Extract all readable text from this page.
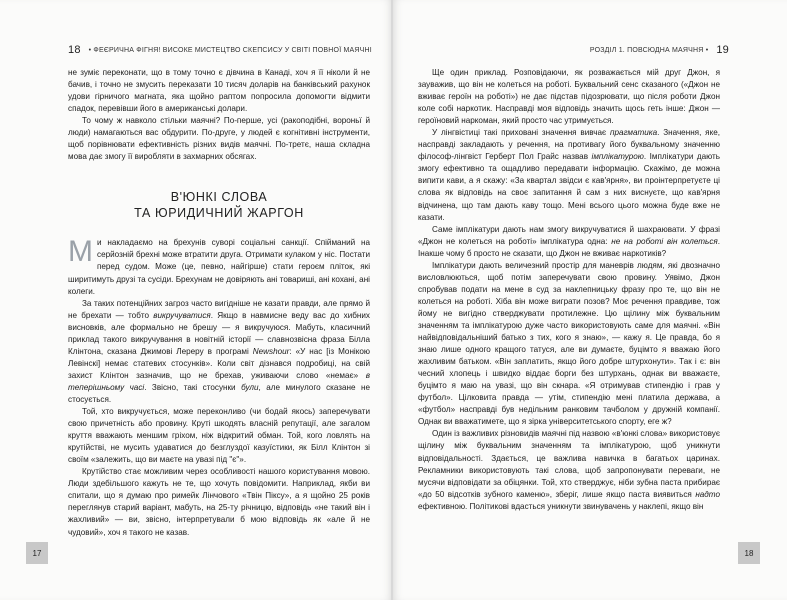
18 • ФЕЄРИЧНА ФІГНЯ! ВИСОКЕ МИСТЕЦТВО СКЕПСИСУ У СВІТІ ПОВНОЇ МАЯЧНІ

не зуміє переконати, що в тому точно є дівчина в Канаді, хоч я її ніколи й не бачив, і точно не змусить переказати 10 тисяч доларів на банківський рахунок удови гірничого магната, яка щойно раптом попросила допомогти відмити спадок, перевівши його в американські долари.

То чому ж навколо стільки маячні? По-перше, усі (ракоподібні, вороньї й люди) намагаються вас обдурити. По-друге, у людей є когнітивні інструменти, щоб порівнювати ефективність різних видів маячні. По-третє, наша складна мова дає змогу її виробляти в захмарних обсягах.

В'ЮНКІ СЛОВА
ТА ЮРИДИЧНИЙ ЖАРГОН

Ми накладаємо на брехунів суворі соціальні санкції. Спійманий на серйозній брехні може втратити друга. Отримати кулаком у ніс. Постати перед судом. Може (це, певно, найгірше) стати героєм пліток, які ширитимуть друзі та сусіди. Брехунам не довіряють ані товариші, ані кохані, ані колеги.

За таких потенційних загроз часто вигідніше не казати правди, але прямо й не брехати — тобто викручуватися. Якщо в навмисне веду вас до хибних висновків, але формально не брешу — я викручуюся. Мабуть, класичний приклад такого викручування в новітній історії — славнозвісна фраза Білла Клінтона, сказана Джимові Лереру в програмі Newshour: «У нас [із Монікою Левінскі] немає статевих стосунків». Коли світ дізнався подробиці, на свій захист Клінтон зазначив, що не брехав, уживаючи слово «немає» в теперішньому часі. Звісно, такі стосунки були, але минулого сказане не стосується.

Той, хто викручується, може переконливо (чи бодай якось) заперечувати свою причетність або провину. Круті шкодять власній репутації, але загалом круття вважають меншим гріхом, ніж відкритий обман. Той, кого ловлять на крутійстві, не мусить удаватися до безглуздої казуїстики, як Білл Клінтон зі своїм «залежить, що ви маєте на увазі під "є"».

Крутійство стає можливим через особливості нашого користування мовою. Люди здебільшого кажуть не те, що хочуть повідомити. Наприклад, якби ви спитали, що я думаю про римейк Лінчового «Твін Піксу», а я щойно 25 років переглянув старий варіант, мабуть, на 25-ту річницю, відповідь «не такий він і жахливий» — ви, звісно, інтерпретували б мою відповідь як «але й не чудовий», хоч я такого не казав.

17
РОЗДІЛ 1. ПОВСЮДНА МАЯЧНЯ • 19

Ще один приклад. Розповідаючи, як розважається мій друг Джон, я зауважив, що він не колеться на роботі. Буквальний сенс сказаного («Джон не вживає героїн на роботі») не дає підстав підозрювати, що після роботи Джон коле собі наркотик. Насправді моя відповідь значить щось геть інше: Джон — героїновий наркоман, який просто час утримується.

У лінгвістиці такі приховані значення вивчає прагматика. Значення, яке, насправді закладають у речення, на противагу його буквальному значенню філософ-лінгвіст Герберт Пол Грайс назвав імплікатурою. Імплікатури дають змогу ефективно та ощадливо передавати інформацію. Скажімо, де можна випити кави, а я скажу: «За квартал звідси є кав'ярня», ви проінтерпретуєте ці слова як відповідь на своє запитання й сам з них виснуєте, що кав'ярня відчинена, що там дають каву тощо. Мені всього цього можна буде вже не казати.

Саме імплікатури дають нам змогу викручуватися й шахраювати. У фразі «Джон не колеться на роботі» імплікатура одна: не на роботі він колеться. Інакше чому б просто не сказати, що Джон не вживає наркотиків?

Імплікатури дають величезний простір для маневрів людям, які двозначно висловлюються, щоб потім заперечувати свою провину. Уявімо, Джон спробував подати на мене в суд за наклепницьку фразу про те, що він не колеться на роботі. Хіба він може виграти позов? Моє речення правдиве, тож йому не вигідно стверджувати протилежне. Цю щілину між буквальним значенням та імплікатурою дуже часто використовують саме для маячні. «Він найвідповідальніший батько з тих, кого я знаю», — кажу я. Це правда, бо я знаю лише одного кращого татуся, але ви думаєте, буцімто я вважаю його жахливим батьком. «Він заплатить, якщо його добре штурхонути». Так і є: він чесний хлопець і швидко віддає борги без штурхань, однак ви вважаєте, буцімто я маю на увазі, що він скнара. «Я отримував стипендію і грав у футбол». Цілковита правда — утім, стипендію мені платила держава, а «футбол» насправді був недільним ранковим тачболом у дружній компанії. Однак ви вважатимете, що я зірка університетського спорту, еге ж?

Один із важливих різновидів маячні під назвою «в'юнкі слова» використовує щілину між буквальним значенням та імплікатурою, щоб уникнути відповідальності. Здається, це важлива навичка в багатьох царинах. Рекламники використовують такі слова, щоб запропонувати переваги, не мусячи відповідати за обіцянки. Той, хто стверджує, ніби зубна паста прибирає «до 50 відсотків зубного каменю», зберіг, лише якщо паста виявиться надто ефективною. Політикові вдасться уникнути звинувачень у наклепі, якщо він

18
